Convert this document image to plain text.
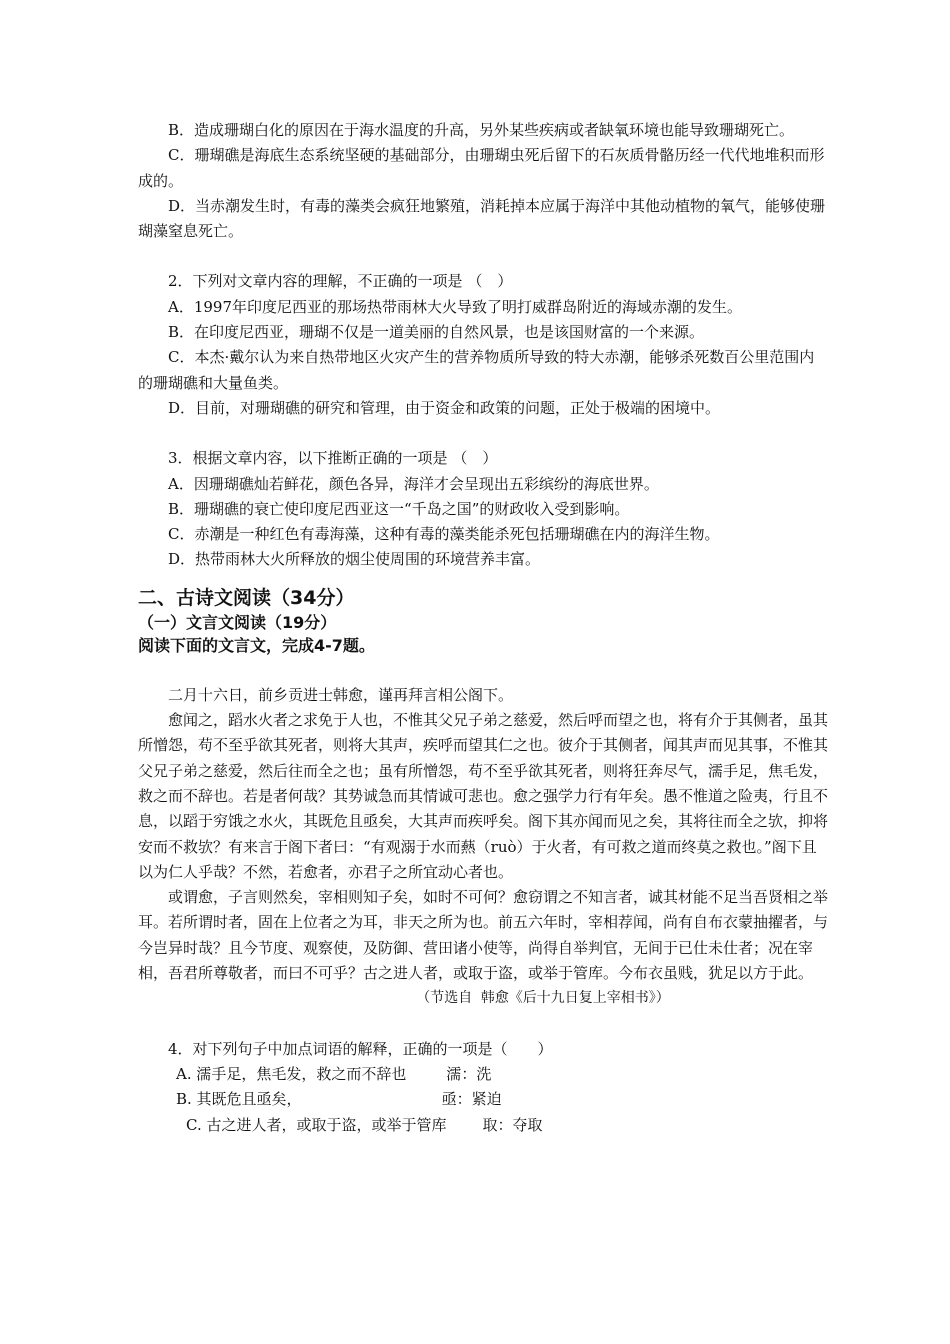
B．造成珊瑚白化的原因在于海水温度的升高，另外某些疾病或者缺氧环境也能导致珊瑚死亡。

C．珊瑚礁是海底生态系统坚硬的基础部分，由珊瑚虫死后留下的石灰质骨骼历经一代代地堆积而形成的。

D．当赤潮发生时，有毒的藻类会疯狂地繁殖，消耗掉本应属于海洋中其他动植物的氧气，能够使珊瑚藻窒息死亡。

2．下列对文章内容的理解，不正确的一项是 （　）

A．1997年印度尼西亚的那场热带雨林大火导致了明打威群岛附近的海域赤潮的发生。

B．在印度尼西亚，珊瑚不仅是一道美丽的自然风景，也是该国财富的一个来源。

C．本杰·戴尔认为来自热带地区火灾产生的营养物质所导致的特大赤潮，能够杀死数百公里范围内的珊瑚礁和大量鱼类。

D．目前，对珊瑚礁的研究和管理，由于资金和政策的问题，正处于极端的困境中。

3．根据文章内容，以下推断正确的一项是 （　）

A．因珊瑚礁灿若鲜花，颜色各异，海洋才会呈现出五彩缤纷的海底世界。

B．珊瑚礁的衰亡使印度尼西亚这一“千岛之国”的财政收入受到影响。

C．赤潮是一种红色有毒海藻，这种有毒的藻类能杀死包括珊瑚礁在内的海洋生物。

D．热带雨林大火所释放的烟尘使周围的环境营养丰富。

二、古诗文阅读（34分）

（一）文言文阅读（19分）

阅读下面的文言文，完成4-7题。

二月十六日，前乡贡进士韩愈，谨再拜言相公阁下。

愈闻之，蹈水火者之求免于人也，不惟其父兄子弟之慈爱，然后呼而望之也，将有介于其侧者，虽其所憎怨，苟不至乎欲其死者，则将大其声，疾呼而望其仁之也。彼介于其侧者，闻其声而见其事，不惟其父兄子弟之慈爱，然后往而全之也；虽有所憎怨，苟不至乎欲其死者，则将狂奔尽气，濡手足，焦毛发，救之而不辞也。若是者何哉？其势诚急而其情诚可悲也。愈之强学力行有年矣。愚不惟道之险夷，行且不息，以蹈于穷饿之水火，其既危且亟矣，大其声而疾呼矣。阁下其亦闻而见之矣，其将往而全之欤，抑将安而不救欤？有来言于阁下者曰：“有观溺于水而爇（ruò）于火者，有可救之道而终莫之救也。”阁下且以为仁人乎哉？不然，若愈者，亦君子之所宜动心者也。

或谓愈，子言则然矣，宰相则知子矣，如时不可何？愈窃谓之不知言者，诚其材能不足当吾贤相之举耳。若所谓时者，固在上位者之为耳，非天之所为也。前五六年时，宰相荐闻，尚有自布衣蒙抽擢者，与今岂异时哉？且今节度、观察使，及防御、营田诸小使等，尚得自举判官，无间于已仕未仕者；况在宰相，吾君所尊敬者，而曰不可乎？古之进人者，或取于盗，或举于管库。今布衣虽贱，犹足以方于此。

（节选自 韩愈《后十九日复上宰相书》）

4．对下列句子中加点词语的解释，正确的一项是（　　）

A. 濡手足，焦毛发，救之而不辞也	濡：洗

B. 其既危且亟矣，	亟：紧迫

C. 古之进人者，或取于盗，或举于管库 取：夺取
